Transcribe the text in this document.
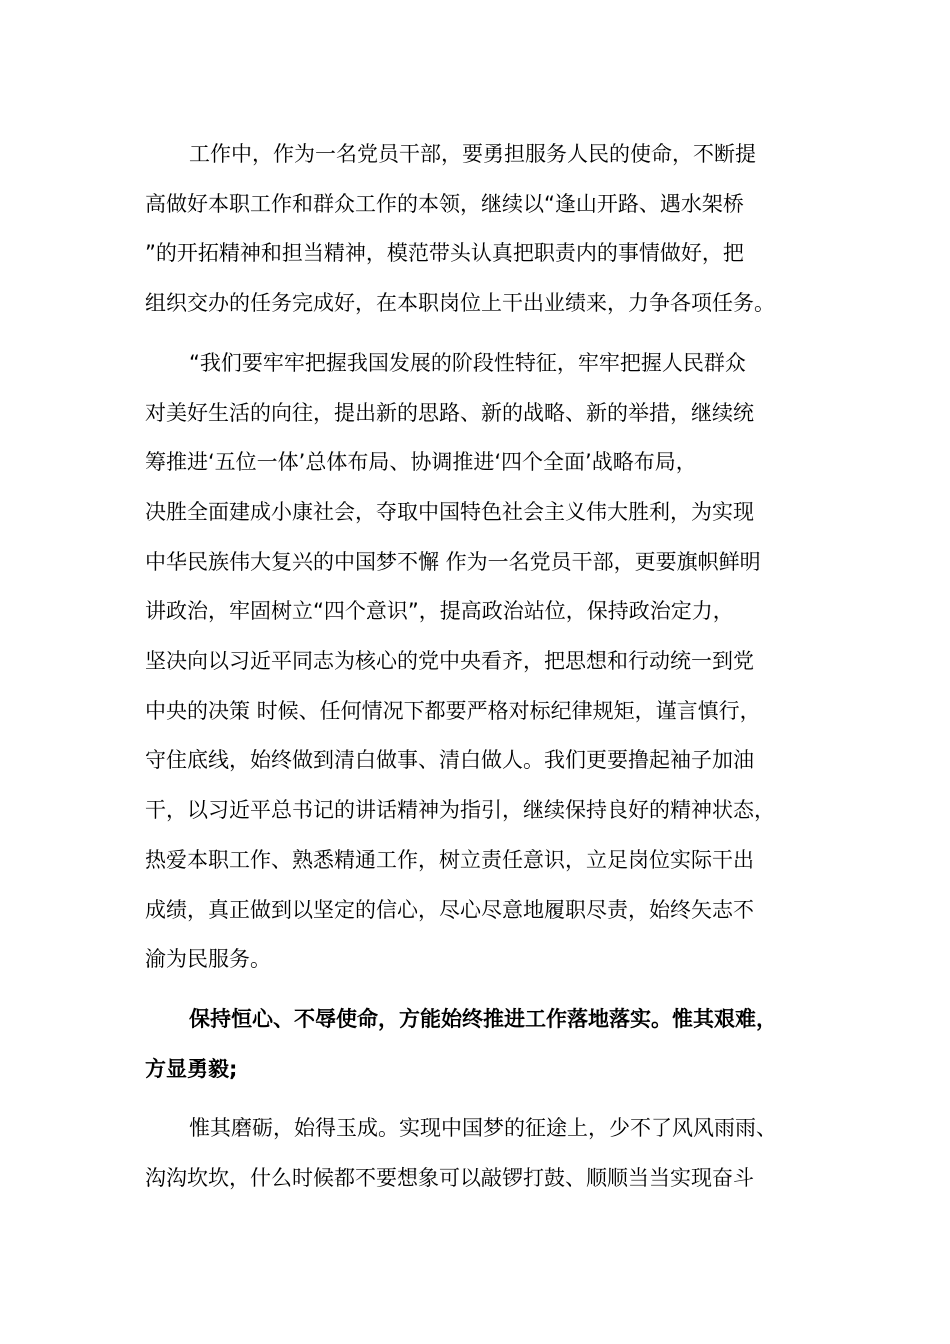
工作中，作为一名党员干部，要勇担服务人民的使命，不断提
高做好本职工作和群众工作的本领，继续以“逢山开路、遇水架桥
”的开拓精神和担当精神，模范带头认真把职责内的事情做好，把
组织交办的任务完成好，在本职岗位上干出业绩来，力争各项任务。
“我们要牢牢把握我国发展的阶段性特征，牢牢把握人民群众
对美好生活的向往，提出新的思路、新的战略、新的举措，继续统
筹推进‘五位一体’总体布局、协调推进‘四个全面’战略布局，
决胜全面建成小康社会，夺取中国特色社会主义伟大胜利，为实现
中华民族伟大复兴的中国梦不懈 作为一名党员干部，更要旗帜鲜明
讲政治，牢固树立“四个意识”，提高政治站位，保持政治定力，
坚决向以习近平同志为核心的党中央看齐，把思想和行动统一到党
中央的决策 时候、任何情况下都要严格对标纪律规矩，谨言慎行，
守住底线，始终做到清白做事、清白做人。我们更要撸起袖子加油
干，以习近平总书记的讲话精神为指引，继续保持良好的精神状态，
热爱本职工作、熟悉精通工作，树立责任意识，立足岗位实际干出
成绩，真正做到以坚定的信心，尽心尽意地履职尽责，始终矢志不
渝为民服务。
保持恒心、不辱使命，方能始终推进工作落地落实。惟其艰难，
方显勇毅;
惟其磨砺，始得玉成。实现中国梦的征途上，少不了风风雨雨、
沟沟坎坎，什么时候都不要想象可以敲锣打鼓、顺顺当当实现奋斗
